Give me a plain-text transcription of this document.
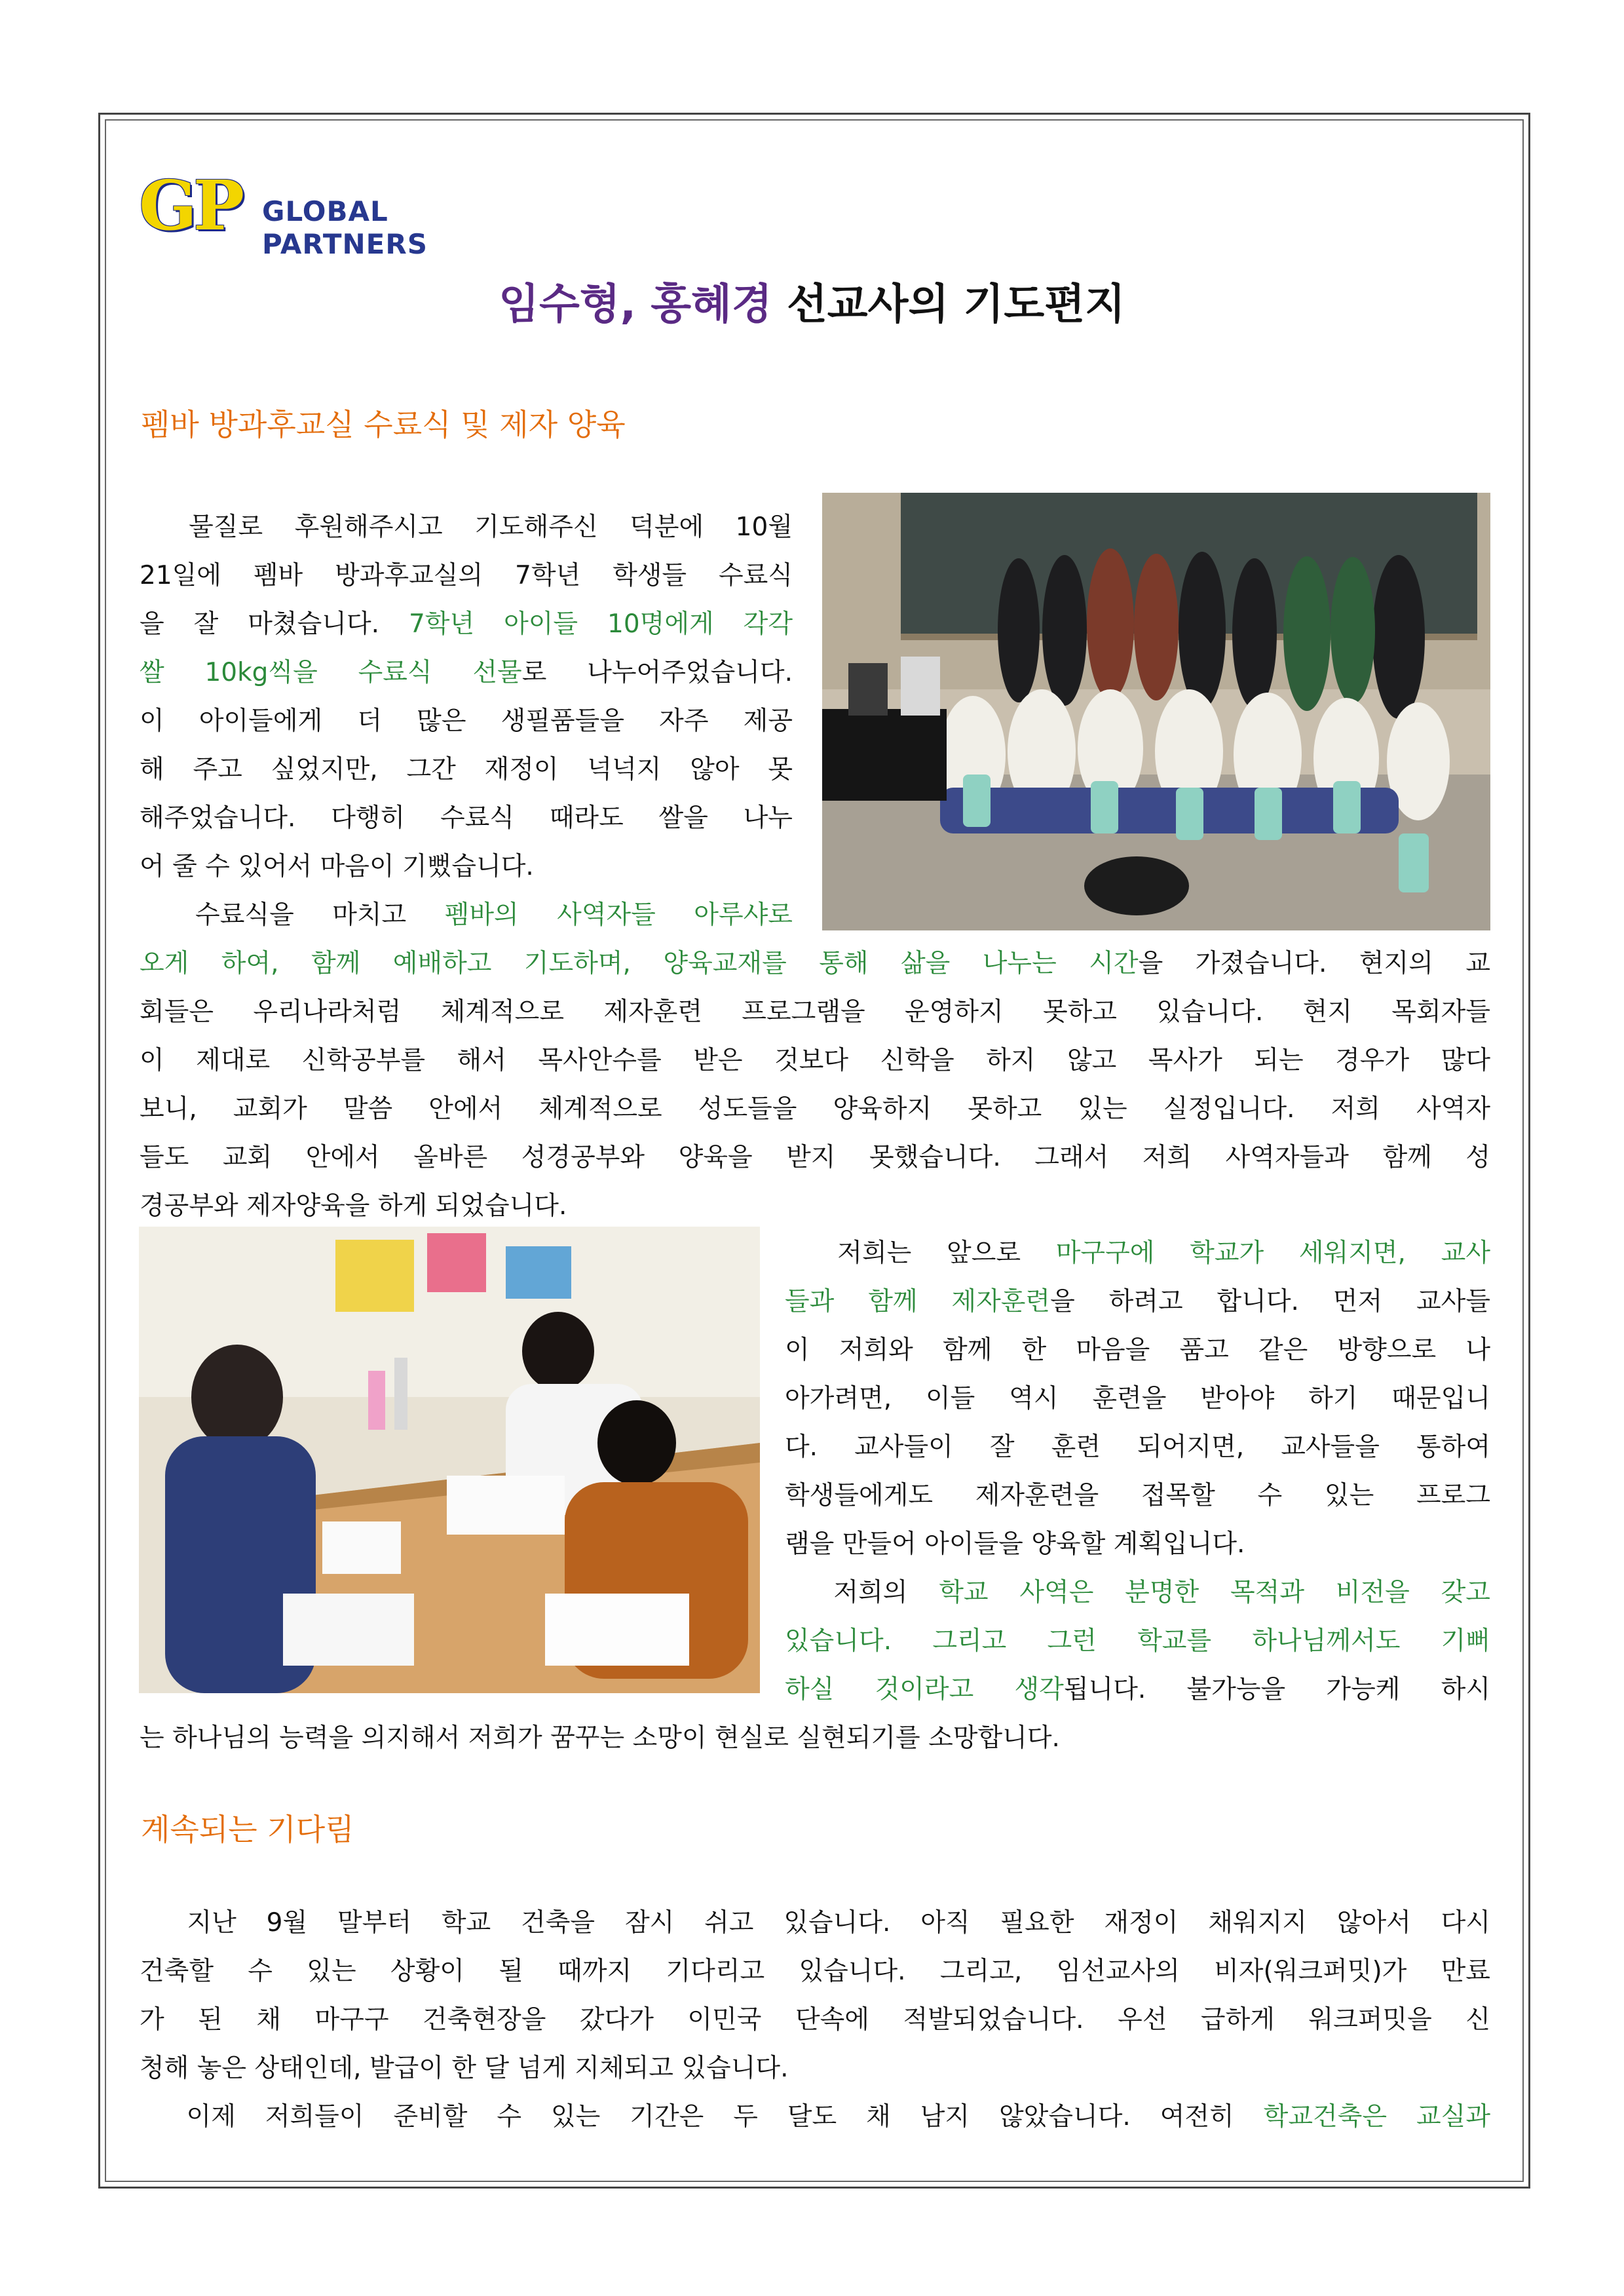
GP GLOBAL PARTNERS
임수형, 홍혜경 선교사의 기도편지
펨바 방과후교실 수료식 및 제자 양육

　물질로 후원해주시고 기도해주신 덕분에 10월

21일에 펨바 방과후교실의 7학년 학생들 수료식

을 잘 마쳤습니다. 7학년 아이들 10명에게 각각

쌀 10kg씩을 수료식 선물로 나누어주었습니다.

이 아이들에게 더 많은 생필품들을 자주 제공

해 주고 싶었지만, 그간 재정이 넉넉지 않아 못

해주었습니다. 다행히 수료식 때라도 쌀을 나누

어 줄 수 있어서 마음이 기뻤습니다.

　수료식을 마치고 펨바의 사역자들 아루샤로

오게 하여, 함께 예배하고 기도하며, 양육교재를 통해 삶을 나누는 시간을 가졌습니다. 현지의 교

회들은 우리나라처럼 체계적으로 제자훈련 프로그램을 운영하지 못하고 있습니다. 현지 목회자들

이 제대로 신학공부를 해서 목사안수를 받은 것보다 신학을 하지 않고 목사가 되는 경우가 많다

보니, 교회가 말씀 안에서 체계적으로 성도들을 양육하지 못하고 있는 실정입니다. 저희 사역자

들도 교회 안에서 올바른 성경공부와 양육을 받지 못했습니다. 그래서 저희 사역자들과 함께 성

경공부와 제자양육을 하게 되었습니다.

　저희는 앞으로 마구구에 학교가 세워지면, 교사

들과 함께 제자훈련을 하려고 합니다. 먼저 교사들

이 저희와 함께 한 마음을 품고 같은 방향으로 나

아가려면, 이들 역시 훈련을 받아야 하기 때문입니

다. 교사들이 잘 훈련 되어지면, 교사들을 통하여

학생들에게도 제자훈련을 접목할 수 있는 프로그

램을 만들어 아이들을 양육할 계획입니다.

　저희의 학교 사역은 분명한 목적과 비전을 갖고

있습니다. 그리고 그런 학교를 하나님께서도 기뻐

하실 것이라고 생각됩니다. 불가능을 가능케 하시

는 하나님의 능력을 의지해서 저희가 꿈꾸는 소망이 현실로 실현되기를 소망합니다.

계속되는 기다림

　지난 9월 말부터 학교 건축을 잠시 쉬고 있습니다. 아직 필요한 재정이 채워지지 않아서 다시

건축할 수 있는 상황이 될 때까지 기다리고 있습니다. 그리고, 임선교사의 비자(워크퍼밋)가 만료

가 된 채 마구구 건축현장을 갔다가 이민국 단속에 적발되었습니다. 우선 급하게 워크퍼밋을 신

청해 놓은 상태인데, 발급이 한 달 넘게 지체되고 있습니다.

　이제 저희들이 준비할 수 있는 기간은 두 달도 채 남지 않았습니다. 여전히 학교건축은 교실과
